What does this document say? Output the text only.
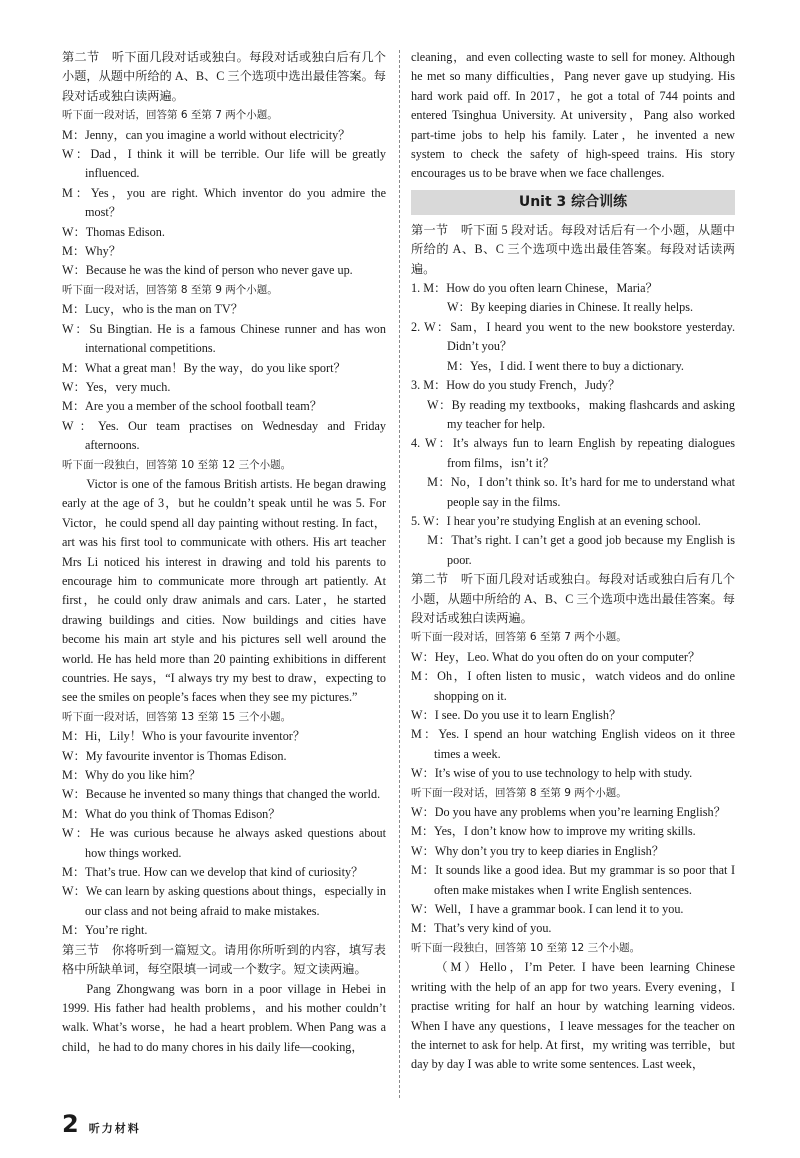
第二节　听下面几段对话或独白。每段对话或独白后有几个小题，从题中所给的 A、B、C 三个选项中选出最佳答案。每段对话或独白读两遍。

听下面一段对话，回答第 6 至第 7 两个小题。

M：Jenny，can you imagine a world without electricity？

W：Dad，I think it will be terrible. Our life will be greatly influenced.

M：Yes，you are right. Which inventor do you admire the most？

W：Thomas Edison.

M：Why？

W：Because he was the kind of person who never gave up.

听下面一段对话，回答第 8 至第 9 两个小题。

M：Lucy，who is the man on TV？

W：Su Bingtian. He is a famous Chinese runner and has won international competitions.

M：What a great man！By the way，do you like sport？

W：Yes，very much.

M：Are you a member of the school football team？

W：Yes. Our team practises on Wednesday and Friday afternoons.

听下面一段独白，回答第 10 至第 12 三个小题。

Victor is one of the famous British artists. He began drawing early at the age of 3，but he couldn’t speak until he was 5. For Victor，he could spend all day painting without resting. In fact，art was his first tool to communicate with others. His art teacher Mrs Li noticed his interest in drawing and told his parents to encourage him to communicate more through art patiently. At first，he could only draw animals and cars. Later，he started drawing buildings and cities. Now buildings and cities have become his main art style and his pictures sell well around the world. He has held more than 20 painting exhibitions in different countries. He says，“I always try my best to draw，expecting to see the smiles on people’s faces when they see my pictures.”

听下面一段对话，回答第 13 至第 15 三个小题。

M：Hi，Lily！Who is your favourite inventor？

W：My favourite inventor is Thomas Edison.

M：Why do you like him？

W：Because he invented so many things that changed the world.

M：What do you think of Thomas Edison？

W：He was curious because he always asked questions about how things worked.

M：That’s true. How can we develop that kind of curiosity？

W：We can learn by asking questions about things，especially in our class and not being afraid to make mistakes.

M：You’re right.

第三节　你将听到一篇短文。请用你所听到的内容，填写表格中所缺单词，每空限填一词或一个数字。短文读两遍。

Pang Zhongwang was born in a poor village in Hebei in 1999. His father had health problems，and his mother couldn’t walk. What’s worse，he had a heart problem. When Pang was a child，he had to do many chores in his daily life—cooking，

cleaning，and even collecting waste to sell for money. Although he met so many difficulties，Pang never gave up studying. His hard work paid off. In 2017，he got a total of 744 points and entered Tsinghua University. At university，Pang also worked part-time jobs to help his family. Later，he invented a new system to check the safety of high-speed trains. His story encourages us to be brave when we face challenges.

Unit 3 综合训练

第一节　听下面 5 段对话。每段对话后有一个小题，从题中所给的 A、B、C 三个选项中选出最佳答案。每段对话读两遍。

1. M：How do you often learn Chinese，Maria？

W：By keeping diaries in Chinese. It really helps.

2. W：Sam，I heard you went to the new bookstore yesterday. Didn’t you？

M：Yes，I did. I went there to buy a dictionary.

3. M：How do you study French，Judy？

　 W：By reading my textbooks，making flashcards and asking my teacher for help.

4. W：It’s always fun to learn English by repeating dialogues from films，isn’t it？

　 M：No，I don’t think so. It’s hard for me to understand what people say in the films.

5. W：I hear you’re studying English at an evening school.

　 M：That’s right. I can’t get a good job because my English is poor.

第二节　听下面几段对话或独白。每段对话或独白后有几个小题，从题中所给的 A、B、C 三个选项中选出最佳答案。每段对话或独白读两遍。

听下面一段对话，回答第 6 至第 7 两个小题。

W：Hey，Leo. What do you often do on your computer？

M：Oh，I often listen to music，watch videos and do online shopping on it.

W：I see. Do you use it to learn English？

M：Yes. I spend an hour watching English videos on it three times a week.

W：It’s wise of you to use technology to help with study.

听下面一段对话，回答第 8 至第 9 两个小题。

W：Do you have any problems when you’re learning English？

M：Yes，I don’t know how to improve my writing skills.

W：Why don’t you try to keep diaries in English？

M：It sounds like a good idea. But my grammar is so poor that I often make mistakes when I write English sentences.

W：Well，I have a grammar book. I can lend it to you.

M：That’s very kind of you.

听下面一段独白，回答第 10 至第 12 三个小题。

（M）Hello，I’m Peter. I have been learning Chinese writing with the help of an app for two years. Every evening，I practise writing for half an hour by watching learning videos. When I have any questions，I leave messages for the teacher on the internet to ask for help. At first，my writing was terrible，but day by day I was able to write some sentences. Last week，

2 听力材料
